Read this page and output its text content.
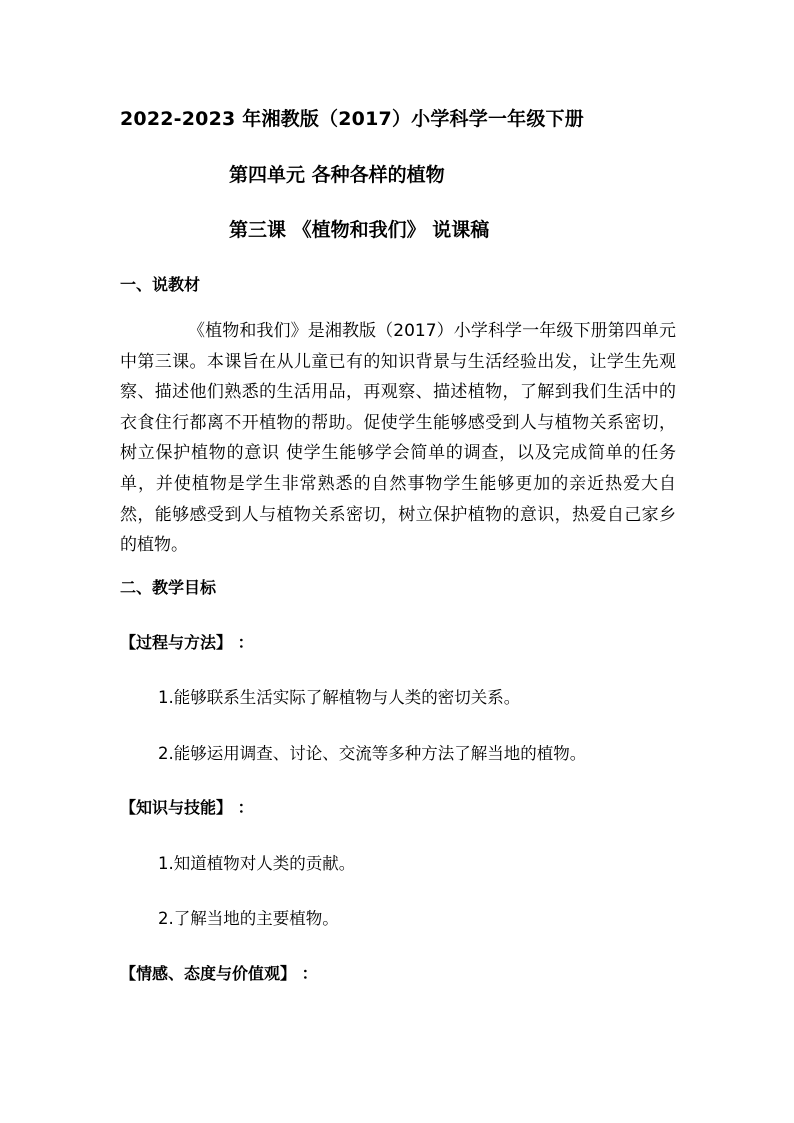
2022-2023 年湘教版（2017）小学科学一年级下册

第四单元 各种各样的植物

第三课 《植物和我们》 说课稿

一、说教材

《植物和我们》是湘教版（2017）小学科学一年级下册第四单元中第三课。本课旨在从儿童已有的知识背景与生活经验出发，让学生先观察、描述他们熟悉的生活用品，再观察、描述植物，了解到我们生活中的衣食住行都离不开植物的帮助。促使学生能够感受到人与植物关系密切，树立保护植物的意识 使学生能够学会简单的调查，以及完成简单的任务单，并使植物是学生非常熟悉的自然事物学生能够更加的亲近热爱大自然，能够感受到人与植物关系密切，树立保护植物的意识，热爱自己家乡的植物。

二、教学目标

【过程与方法】 ：

1.能够联系生活实际了解植物与人类的密切关系。

2.能够运用调查、讨论、交流等多种方法了解当地的植物。

【知识与技能】 ：

1.知道植物对人类的贡献。

2.了解当地的主要植物。

【情感、态度与价值观】 ：
